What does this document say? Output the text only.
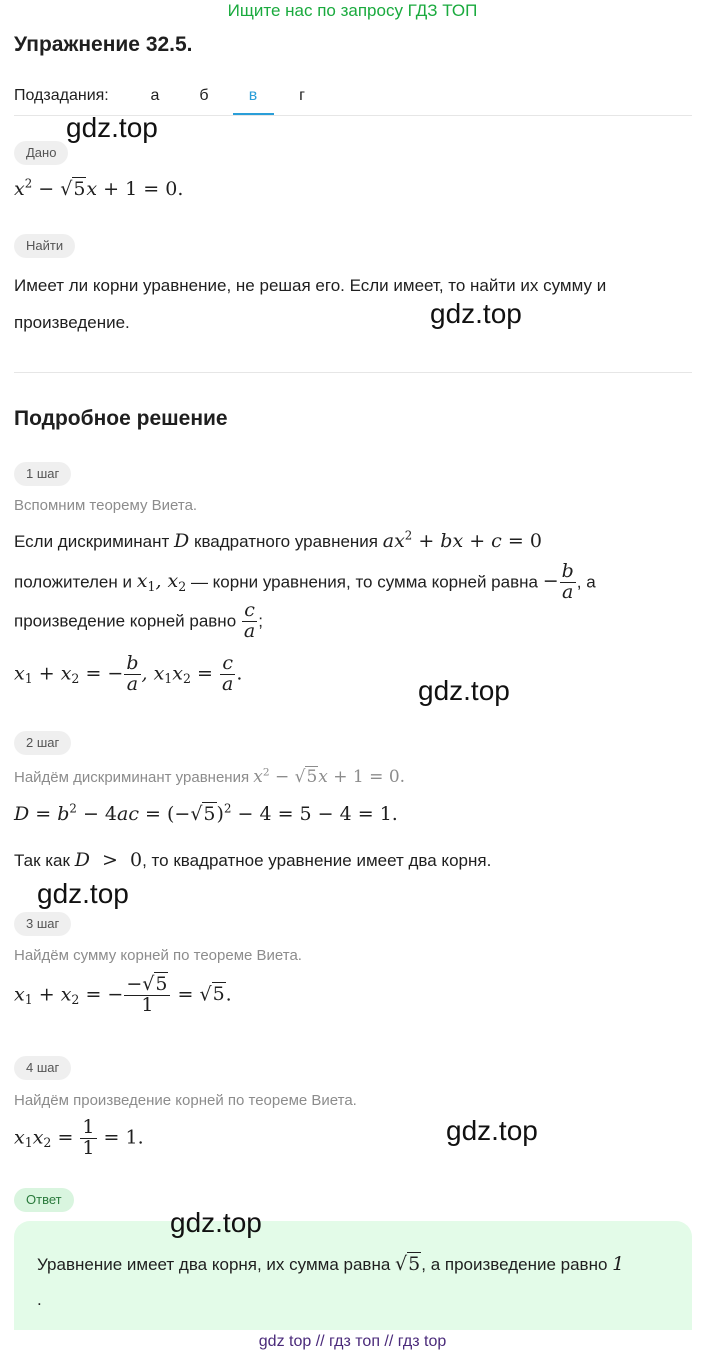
Ищите нас по запросу ГДЗ ТОП
Упражнение 32.5.
Подзадания:	а	б	в	г
Дано
$x^2 - √5x + 1 = 0$.
Найти
Имеет ли корни уравнение, не решая его. Если имеет, то найти их сумму и
произведение.
Подробное решение
1 шаг
Вспомним теорему Виета.
Если дискриминант D квадратного уравнения $ax^2$ + bx + c = 0
положителен и $x_1$, $x_2$ — корни уравнения, то сумма корней равна − $\frac{b}{a}$ , а
произведение корней равно $\frac{c}{a}$ ;
$x_1 + x_2$ = − $\frac{b}{a}$ , $x_1x_2 = \frac{c}{a}$ .
2 шаг
Найдём дискриминант уравнения $x^2 - √5x + 1 = 0$.
$D = b^2 - 4ac = (-√5)^2 - 4 = 5 - 4 = 1$.
Так как D  >  0, то квадратное уравнение имеет два корня.
3 шаг
Найдём сумму корней по теореме Виета.
$x_1 + x_2$ = − $\frac{-√5}{1} = √5$.
4 шаг
Найдём произведение корней по теореме Виета.
$x_1x_2 = \frac{1}{1} = 1$.
Ответ
Уравнение имеет два корня, их сумма равна √5, а произведение равно 1
.
gdz.top
gdz.top
gdz.top
gdz.top
gdz.top
gdz.top
gdz top // гдз топ // гдз top
